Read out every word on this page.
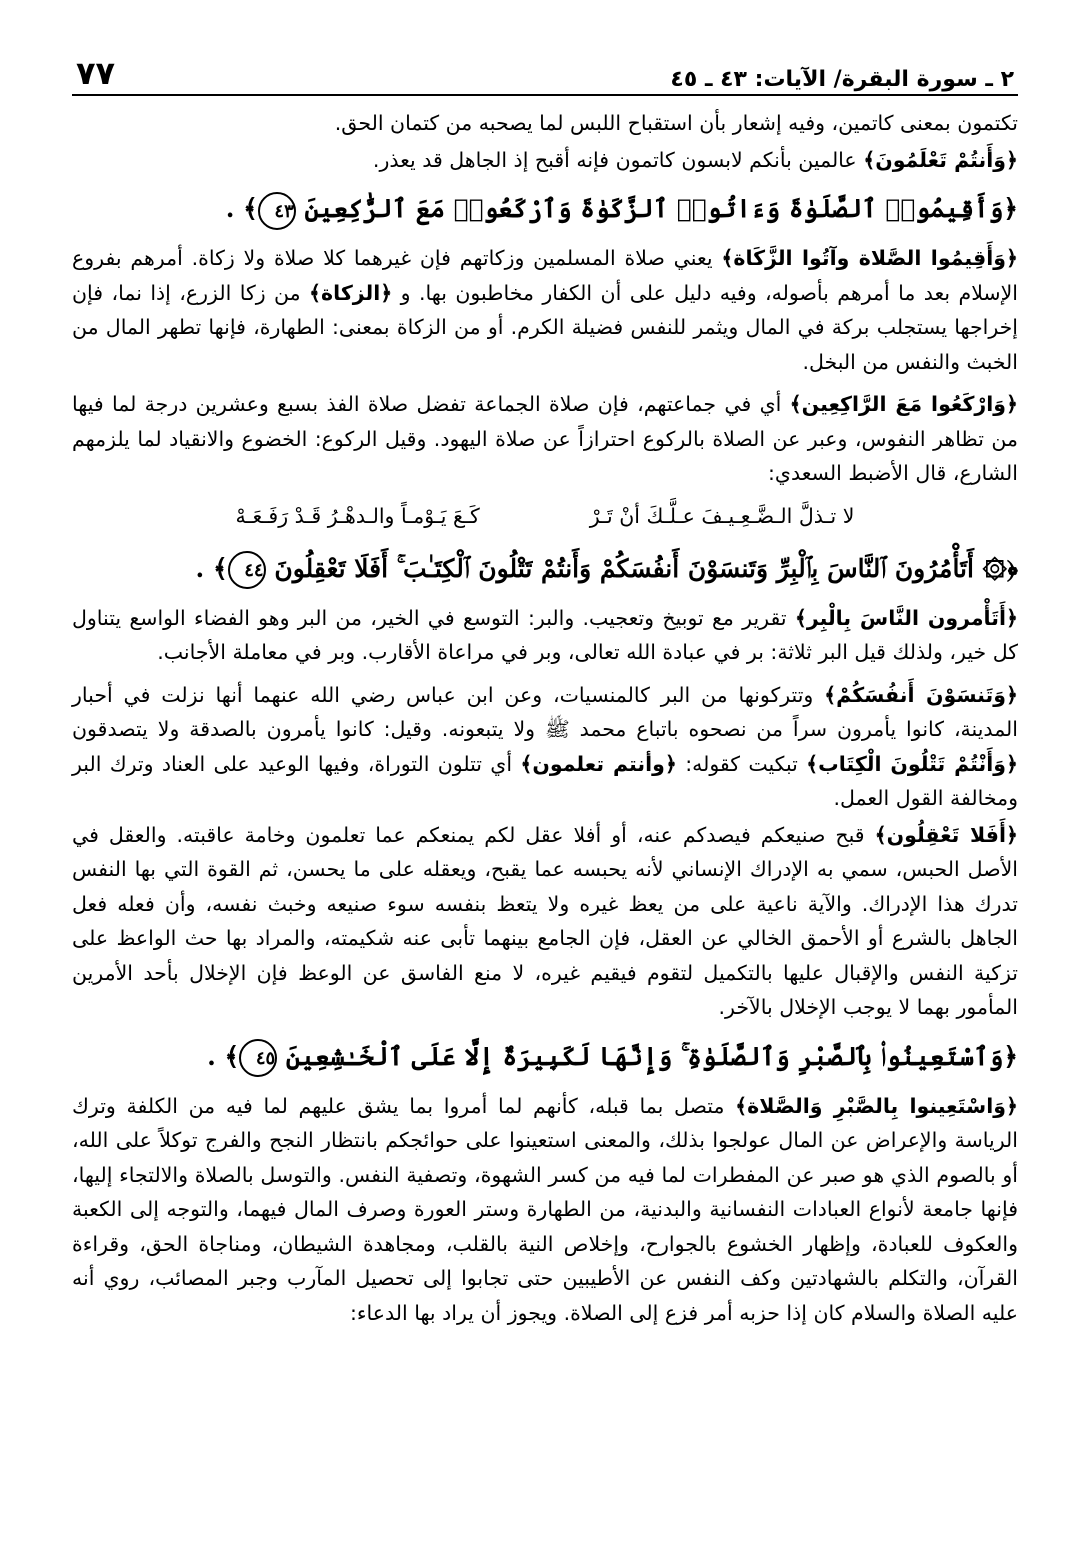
٢ ـ سورة البقرة/ الآيات: ٤٣ ـ ٤٥
٧٧

تكتمون بمعنى كاتمين، وفيه إشعار بأن استقباح اللبس لما يصحبه من كتمان الحق.

﴿وَأَنتُمْ تَعْلَمُونَ﴾ عالمين بأنكم لابسون كاتمون فإنه أقبح إذ الجاهل قد يعذر.

﴿وَأَقِيمُوا۟ ٱلصَّلَوٰةَ وَءَاتُوا۟ ٱلزَّكَوٰةَ وَٱرْكَعُوا۟ مَعَ ٱلرَّٰكِعِينَ ٤٣﴾ .

﴿وَأَقِيمُوا الصَّلاة وآتُوا الزَّكَاة﴾ يعني صلاة المسلمين وزكاتهم فإن غيرهما كلا صلاة ولا زكاة. أمرهم بفروع الإسلام بعد ما أمرهم بأصوله، وفيه دليل على أن الكفار مخاطبون بها. و ﴿الزكاة﴾ من زكا الزرع، إذا نما، فإن إخراجها يستجلب بركة في المال ويثمر للنفس فضيلة الكرم. أو من الزكاة بمعنى: الطهارة، فإنها تطهر المال من الخبث والنفس من البخل.

﴿وَارْكَعُوا مَعَ الرَّاكِعِين﴾ أي في جماعتهم، فإن صلاة الجماعة تفضل صلاة الفذ بسبع وعشرين درجة لما فيها من تظاهر النفوس، وعبر عن الصلاة بالركوع احترازاً عن صلاة اليهود. وقيل الركوع: الخضوع والانقياد لما يلزمهم الشارع، قال الأضبط السعدي:

لا تـذلَّ الـضَّـعِـيـفَ عـلَّـكَ أنْ تَـرْ
كَـعَ يَـوْمـاً والـدهْـرُ قَـدْ رَفَـعَـهْ
﴿۞ أَتَأْمُرُونَ ٱلنَّاسَ بِٱلْبِرِّ وَتَنسَوْنَ أَنفُسَكُمْ وَأَنتُمْ تَتْلُونَ ٱلْكِتَـٰبَ ۚ أَفَلَا تَعْقِلُونَ ٤٤﴾ .

﴿أَتَأْمرون النَّاسَ بِالْبِر﴾ تقرير مع توبيخ وتعجيب. والبر: التوسع في الخير، من البر وهو الفضاء الواسع يتناول كل خير، ولذلك قيل البر ثلاثة: بر في عبادة الله تعالى، وبر في مراعاة الأقارب. وبر في معاملة الأجانب.

﴿وَتَنسَوْنَ أَنفُسَكُمْ﴾ وتتركونها من البر كالمنسيات، وعن ابن عباس رضي الله عنهما أنها نزلت في أحبار المدينة، كانوا يأمرون سراً من نصحوه باتباع محمد ﷺ ولا يتبعونه. وقيل: كانوا يأمرون بالصدقة ولا يتصدقون ﴿وَأَنْتُمْ تَتْلُونَ الْكِتَاب﴾ تبكيت كقوله: ﴿وأنتم تعلمون﴾ أي تتلون التوراة، وفيها الوعيد على العناد وترك البر ومخالفة القول العمل.

﴿أَفَلا تَعْقِلُون﴾ قبح صنيعكم فيصدكم عنه، أو أفلا عقل لكم يمنعكم عما تعلمون وخامة عاقبته. والعقل في الأصل الحبس، سمي به الإدراك الإنساني لأنه يحبسه عما يقبح، ويعقله على ما يحسن، ثم القوة التي بها النفس تدرك هذا الإدراك. والآية ناعية على من يعظ غيره ولا يتعظ بنفسه سوء صنيعه وخبث نفسه، وأن فعله فعل الجاهل بالشرع أو الأحمق الخالي عن العقل، فإن الجامع بينهما تأبى عنه شكيمته، والمراد بها حث الواعظ على تزكية النفس والإقبال عليها بالتكميل لتقوم فيقيم غيره، لا منع الفاسق عن الوعظ فإن الإخلال بأحد الأمرين المأمور بهما لا يوجب الإخلال بالآخر.

﴿وَٱسْتَعِينُوا۟ بِٱلصَّبْرِ وَٱلصَّلَوٰةِ ۚ وَإِنَّهَا لَكَبِيرَةٌ إِلَّا عَلَى ٱلْخَـٰشِعِينَ ٤٥﴾ .

﴿وَاسْتَعِينوا بِالصَّبْرِ وَالصَّلاة﴾ متصل بما قبله، كأنهم لما أمروا بما يشق عليهم لما فيه من الكلفة وترك الرياسة والإعراض عن المال عولجوا بذلك، والمعنى استعينوا على حوائجكم بانتظار النجح والفرج توكلاً على الله، أو بالصوم الذي هو صبر عن المفطرات لما فيه من كسر الشهوة، وتصفية النفس. والتوسل بالصلاة والالتجاء إليها، فإنها جامعة لأنواع العبادات النفسانية والبدنية، من الطهارة وستر العورة وصرف المال فيهما، والتوجه إلى الكعبة والعكوف للعبادة، وإظهار الخشوع بالجوارح، وإخلاص النية بالقلب، ومجاهدة الشيطان، ومناجاة الحق، وقراءة القرآن، والتكلم بالشهادتين وكف النفس عن الأطيبين حتى تجابوا إلى تحصيل المآرب وجبر المصائب، روي أنه عليه الصلاة والسلام كان إذا حزبه أمر فزع إلى الصلاة. ويجوز أن يراد بها الدعاء:
